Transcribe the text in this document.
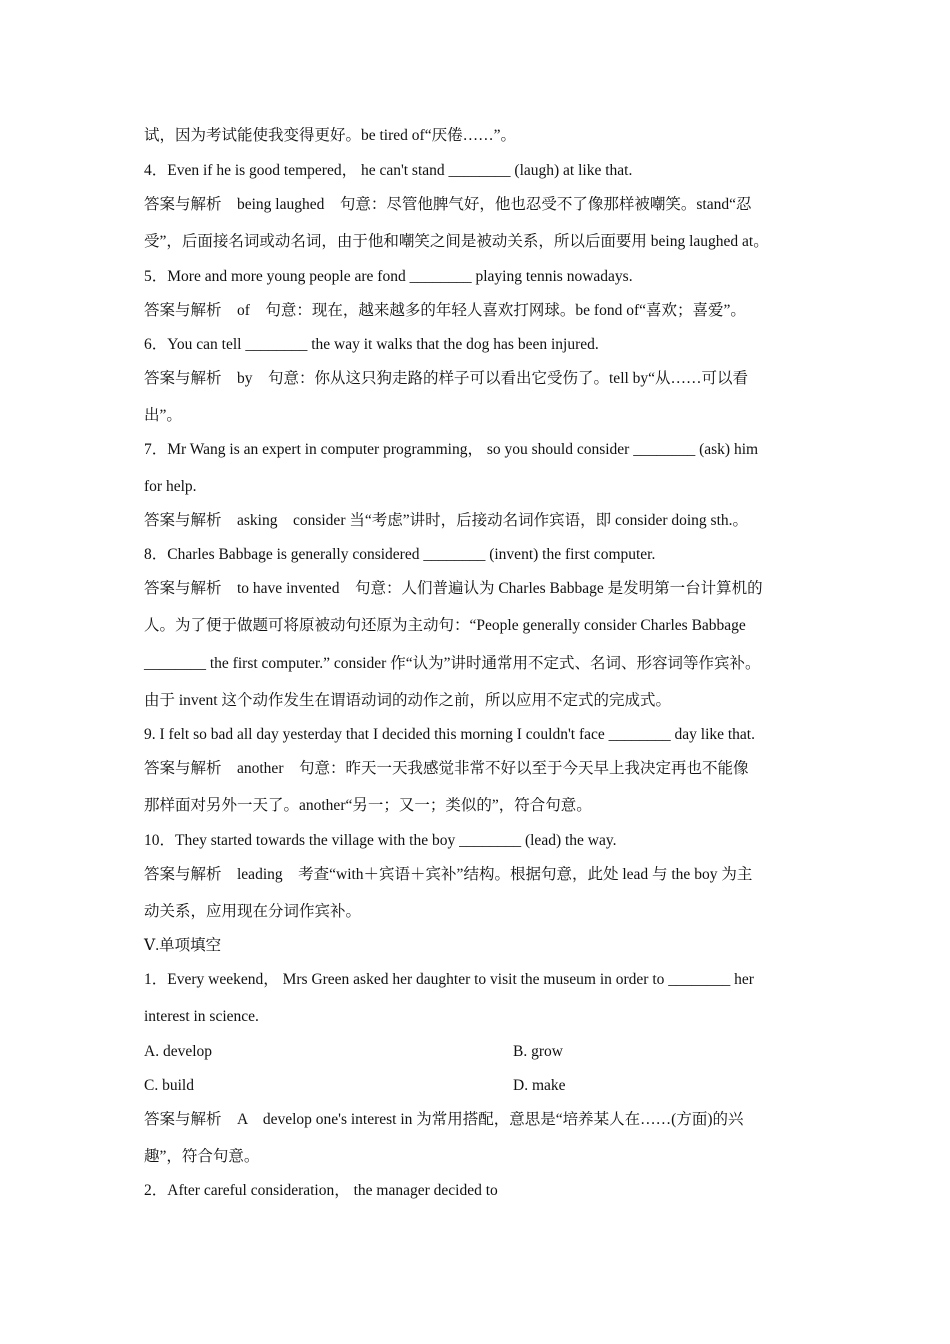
试，因为考试能使我变得更好。be tired of“厌倦……”。
4．Even if he is good tempered， he can't stand ________ (laugh) at like that.
答案与解析　being laughed　句意：尽管他脾气好，他也忍受不了像那样被嘲笑。stand“忍
受”，后面接名词或动名词，由于他和嘲笑之间是被动关系，所以后面要用 being laughed at。
5．More and more young people are fond ________ playing tennis nowadays.
答案与解析　of　句意：现在，越来越多的年轻人喜欢打网球。be fond of“喜欢；喜爱”。
6．You can tell ________ the way it walks that the dog has been injured.
答案与解析　by　句意：你从这只狗走路的样子可以看出它受伤了。tell by“从……可以看
出”。
7．Mr Wang is an expert in computer programming， so you should consider ________ (ask) him
for help.
答案与解析　asking　consider 当“考虑”讲时，后接动名词作宾语，即 consider doing sth.。
8．Charles Babbage is generally considered ________ (invent) the first computer.
答案与解析　to have invented　句意：人们普遍认为 Charles Babbage 是发明第一台计算机的
人。为了便于做题可将原被动句还原为主动句：“People generally consider Charles Babbage
________ the first computer.” consider 作“认为”讲时通常用不定式、名词、形容词等作宾补。
由于 invent 这个动作发生在谓语动词的动作之前，所以应用不定式的完成式。
9. I felt so bad all day yesterday that I decided this morning I couldn't face ________ day like that.
答案与解析　another　句意：昨天一天我感觉非常不好以至于今天早上我决定再也不能像
那样面对另外一天了。another“另一；又一；类似的”，符合句意。
10．They started towards the village with the boy ________ (lead) the way.
答案与解析　leading　考查“with＋宾语＋宾补”结构。根据句意，此处 lead 与 the boy 为主
动关系，应用现在分词作宾补。
Ⅴ.单项填空
1．Every weekend， Mrs Green asked her daughter to visit the museum in order to ________ her
interest in science.
A. develop	B. grow
C. build	D. make
答案与解析　A　develop one's interest in 为常用搭配，意思是“培养某人在……(方面)的兴
趣”，符合句意。
2．After careful consideration， the manager decided to
